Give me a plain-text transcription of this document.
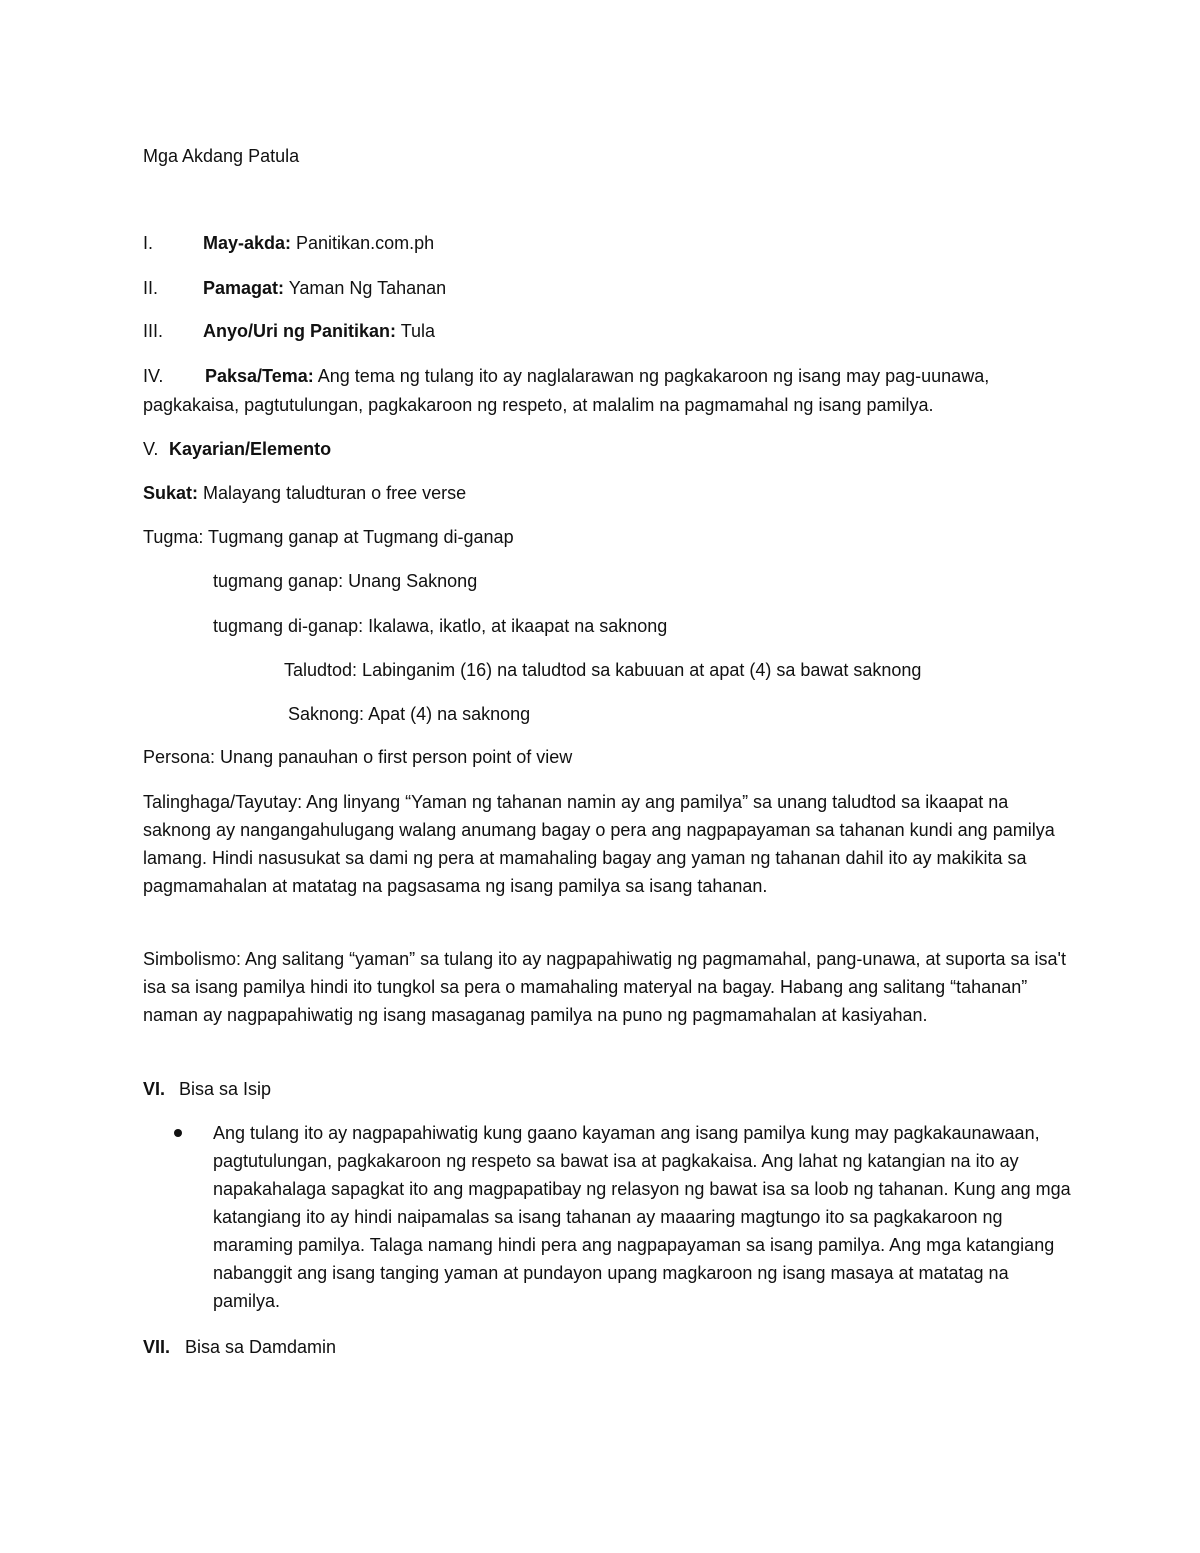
Mga Akdang Patula
I.	May-akda: Panitikan.com.ph
II. Pamagat: Yaman Ng Tahanan
III. Anyo/Uri ng Panitikan: Tula
IV. Paksa/Tema: Ang tema ng tulang ito ay naglalarawan ng pagkakaroon ng isang may pag-uunawa,
pagkakaisa, pagtutulungan, pagkakaroon ng respeto, at malalim na pagmamahal ng isang pamilya.
V. Kayarian/Elemento
Sukat: Malayang taludturan o free verse
Tugma: Tugmang ganap at Tugmang di-ganap
tugmang ganap: Unang Saknong
tugmang di-ganap: Ikalawa, ikatlo, at ikaapat na saknong
Taludtod: Labinganim (16) na taludtod sa kabuuan at apat (4) sa bawat saknong
Saknong: Apat (4) na saknong
Persona: Unang panauhan o first person point of view

Talinghaga/Tayutay: Ang linyang “Yaman ng tahanan namin ay ang pamilya” sa unang taludtod sa ikaapat na saknong ay nangangahulugang walang anumang bagay o pera ang nagpapayaman sa tahanan kundi ang pamilya lamang. Hindi nasusukat sa dami ng pera at mamahaling bagay ang yaman ng tahanan dahil ito ay makikita sa pagmamahalan at matatag na pagsasama ng isang pamilya sa isang tahanan.

Simbolismo: Ang salitang “yaman” sa tulang ito ay nagpapahiwatig ng pagmamahal, pang-unawa, at suporta sa isa't isa sa isang pamilya hindi ito tungkol sa pera o mamahaling materyal na bagay. Habang ang salitang “tahanan” naman ay nagpapahiwatig ng isang masaganag pamilya na puno ng pagmamahalan at kasiyahan.

VI. Bisa sa Isip

Ang tulang ito ay nagpapahiwatig kung gaano kayaman ang isang pamilya kung may pagkakaunawaan, pagtutulungan, pagkakaroon ng respeto sa bawat isa at pagkakaisa. Ang lahat ng katangian na ito ay napakahalaga sapagkat ito ang magpapatibay ng relasyon ng bawat isa sa loob ng tahanan. Kung ang mga katangiang ito ay hindi naipamalas sa isang tahanan ay maaaring magtungo ito sa pagkakaroon ng maraming pamilya. Talaga namang hindi pera ang nagpapayaman sa isang pamilya. Ang mga katangiang nabanggit ang isang tanging yaman at pundayon upang magkaroon ng isang masaya at matatag na pamilya.

VII. Bisa sa Damdamin
